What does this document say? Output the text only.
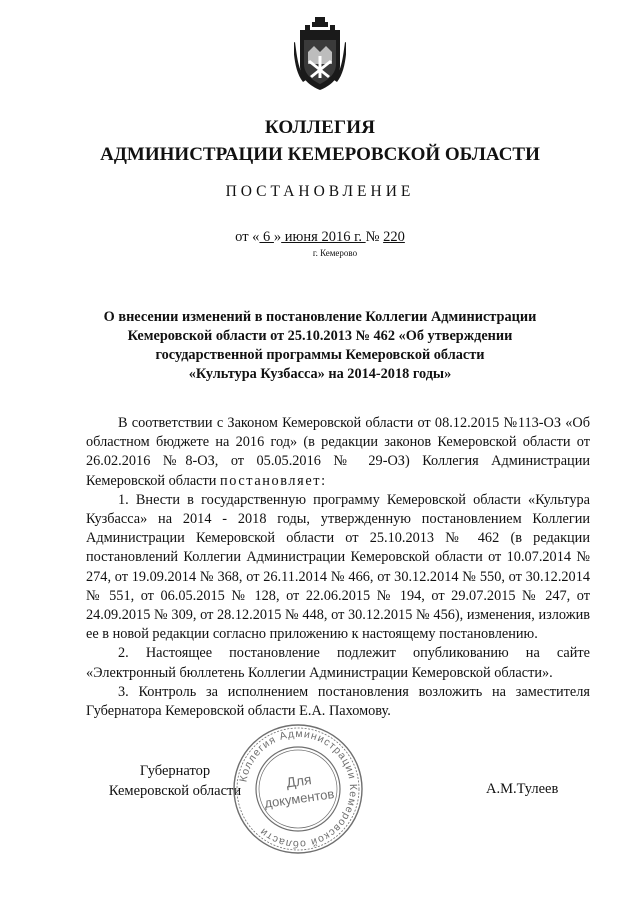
КОЛЛЕГИЯ
АДМИНИСТРАЦИИ КЕМЕРОВСКОЙ ОБЛАСТИ
ПОСТАНОВЛЕНИЕ
от « 6 » июня 2016 г. № 220
г. Кемерово
О внесении изменений в постановление Коллегии Администрации
Кемеровской области от 25.10.2013 № 462 «Об утверждении
государственной программы Кемеровской области
«Культура Кузбасса» на 2014-2018 годы»

В соответствии с Законом Кемеровской области от 08.12.2015 №113-ОЗ «Об областном бюджете на 2016 год» (в редакции законов Кемеровской области от 26.02.2016 №8-ОЗ, от 05.05.2016 № 29-ОЗ) Коллегия Администрации Кемеровской области постановляет:

1. Внести в государственную программу Кемеровской области «Культура Кузбасса» на 2014 - 2018 годы, утвержденную постановлением Коллегии Администрации Кемеровской области от 25.10.2013 № 462 (в редакции постановлений Коллегии Администрации Кемеровской области от 10.07.2014 № 274, от 19.09.2014 № 368, от 26.11.2014 № 466, от 30.12.2014 № 550, от 30.12.2014 № 551, от 06.05.2015 № 128, от 22.06.2015 № 194, от 29.07.2015 № 247, от 24.09.2015 № 309, от 28.12.2015 № 448, от 30.12.2015 № 456), изменения, изложив ее в новой редакции согласно приложению к настоящему постановлению.

2. Настоящее постановление подлежит опубликованию на сайте «Электронный бюллетень Коллегии Администрации Кемеровской области».

3. Контроль за исполнением постановления возложить на заместителя Губернатора Кемеровской области Е.А. Пахомову.

Губернатор
Кемеровской области	А.М.Тулеев
Коллегия Администрации Кемеровской области
Для
документов
